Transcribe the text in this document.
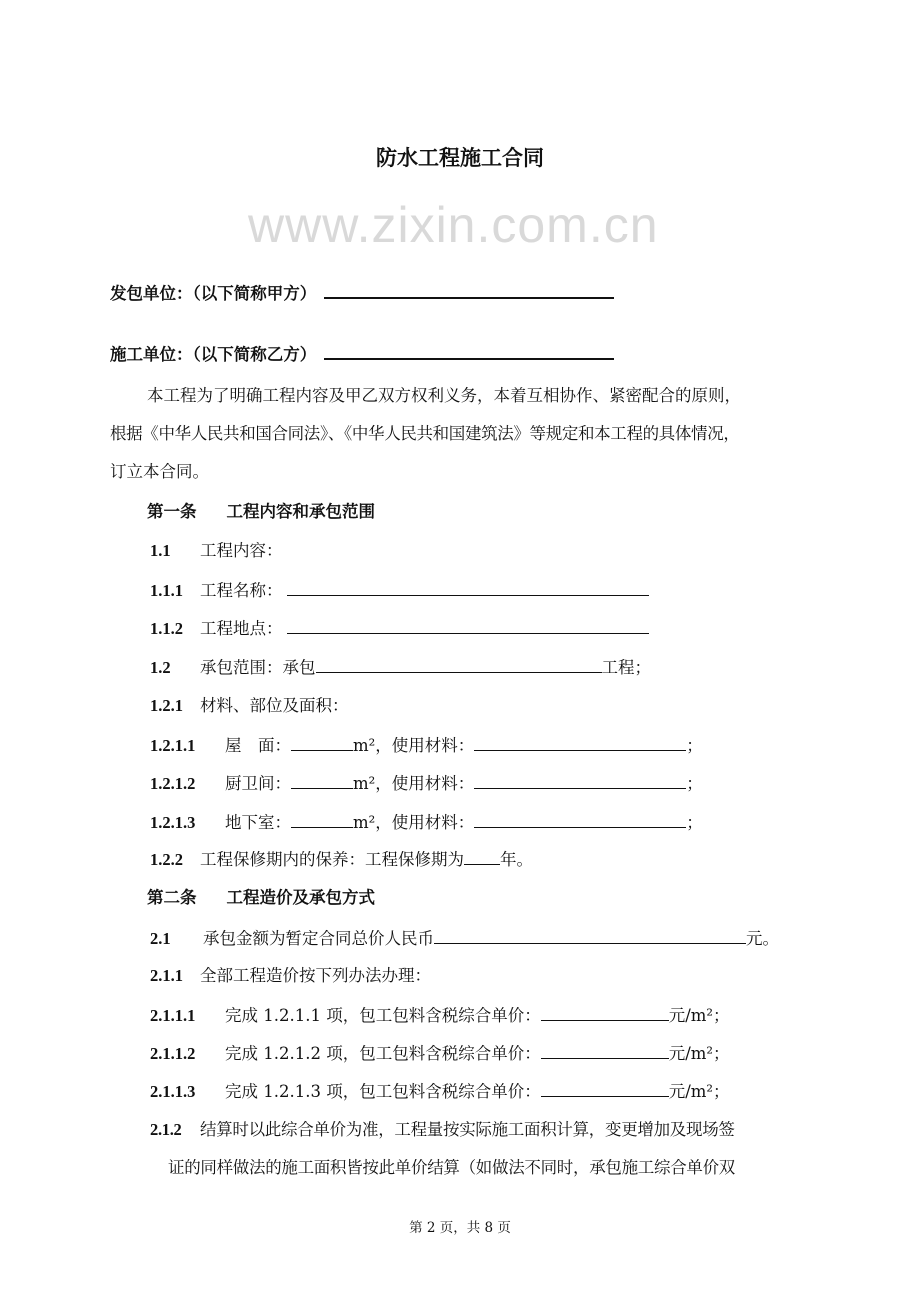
www.zixin.com.cn
防水工程施工合同
发包单位：（以下简称甲方）
施工单位：（以下简称乙方）
本工程为了明确工程内容及甲乙双方权利义务，本着互相协作、紧密配合的原则，
根据《中华人民共和国合同法》、《中华人民共和国建筑法》等规定和本工程的具体情况，
订立本合同。
第一条 工程内容和承包范围
1.1 工程内容：
1.1.1 工程名称：
1.1.2 工程地点：
1.2 承包范围：承包	工程；
1.2.1 材料、部位及面积：
1.2.1.1 屋　面：	m²，使用材料：	；
1.2.1.2 厨卫间：	m²，使用材料：	；
1.2.1.3 地下室：	m²，使用材料：	；
1.2.2 工程保修期内的保养：工程保修期为 年。
第二条 工程造价及承包方式
2.1 承包金额为暂定合同总价人民币	元。
2.1.1 全部工程造价按下列办法办理：
2.1.1.1 完成 1.2.1.1 项，包工包料含税综合单价：	元/m²；
2.1.1.2 完成 1.2.1.2 项，包工包料含税综合单价：	元/m²；
2.1.1.3 完成 1.2.1.3 项，包工包料含税综合单价：	元/m²；
2.1.2 结算时以此综合单价为准，工程量按实际施工面积计算，变更增加及现场签
证的同样做法的施工面积皆按此单价结算（如做法不同时，承包施工综合单价双
第 2 页，共 8 页
